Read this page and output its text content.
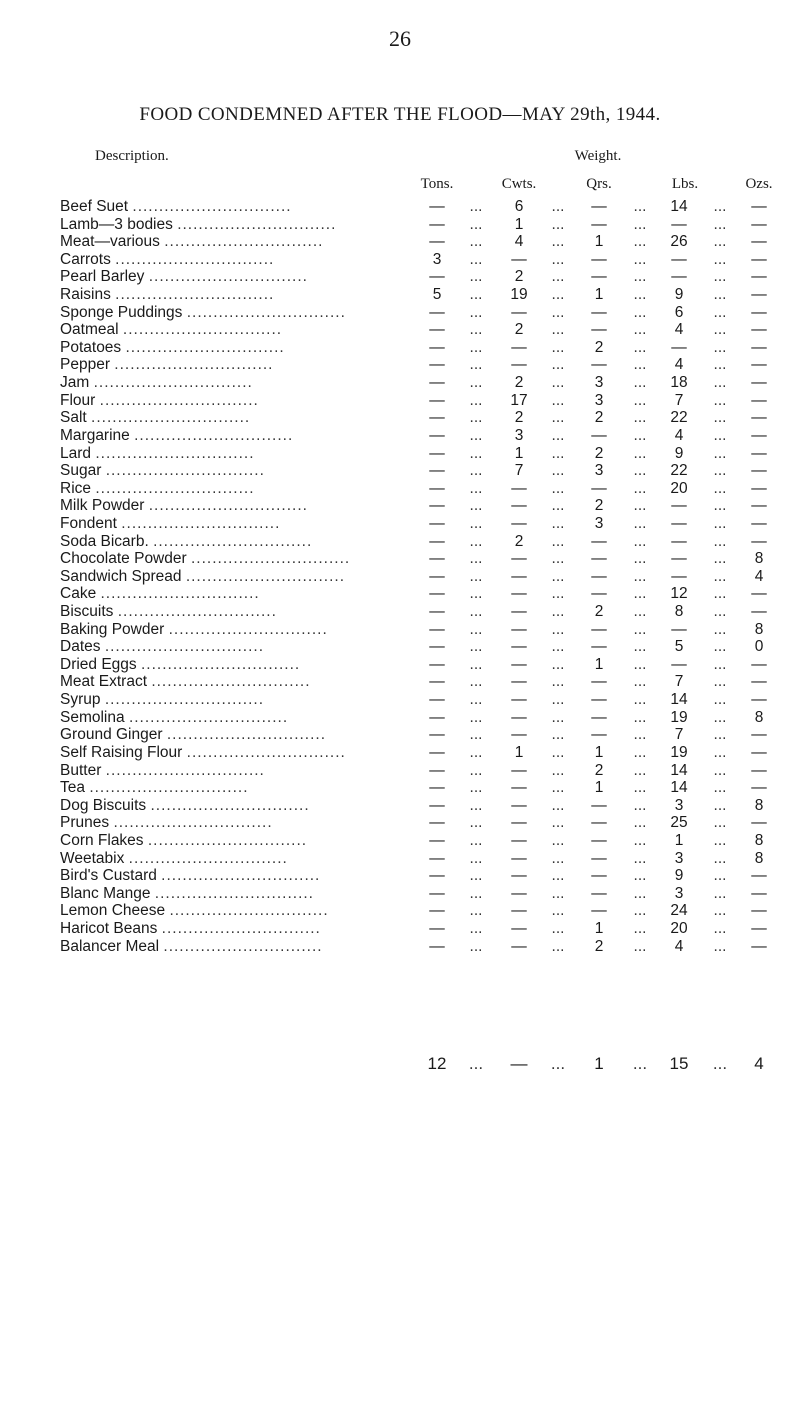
26
FOOD CONDEMNED AFTER THE FLOOD—MAY 29th, 1944.
Description.	Weight.
Tons.	Cwts.	Qrs.	Lbs.	Ozs.
Beef Suet ..............................	—	6	—	14	—
...	...	...	...
Lamb—3 bodies ..............................	—	1	—	—	—
...	...	...	...
Meat—various ..............................	—	4	1	26	—
...	...	...	...
Carrots ..............................	3	—	—	—	—
...	...	...	...
Pearl Barley ..............................	—	2	—	—	—
...	...	...	...
Raisins ..............................	5	19	1	9	—
...	...	...	...
Sponge Puddings ..............................	—	—	—	6	—
...	...	...	...
Oatmeal ..............................	—	2	—	4	—
...	...	...	...
Potatoes ..............................	—	—	2	—	—
...	...	...	...
Pepper ..............................	—	—	—	4	—
...	...	...	...
Jam ..............................	—	2	3	18	—
...	...	...	...
Flour ..............................	—	17	3	7	—
...	...	...	...
Salt ..............................	—	2	2	22	—
...	...	...	...
Margarine ..............................	—	3	—	4	—
...	...	...	...
Lard ..............................	—	1	2	9	—
...	...	...	...
Sugar ..............................	—	7	3	22	—
...	...	...	...
Rice ..............................	—	—	—	20	—
...	...	...	...
Milk Powder ..............................	—	—	2	—	—
...	...	...	...
Fondent ..............................	—	—	3	—	—
...	...	...	...
Soda Bicarb. ..............................	—	2	—	—	—
...	...	...	...
Chocolate Powder ..............................	—	—	—	—	8
...	...	...	...
Sandwich Spread ..............................	—	—	—	—	4
...	...	...	...
Cake ..............................	—	—	—	12	—
...	...	...	...
Biscuits ..............................	—	—	2	8	—
...	...	...	...
Baking Powder ..............................	—	—	—	—	8
...	...	...	...
Dates ..............................	—	—	—	5	0
...	...	...	...
Dried Eggs ..............................	—	—	1	—	—
...	...	...	...
Meat Extract ..............................	—	—	—	7	—
...	...	...	...
Syrup ..............................	—	—	—	14	—
...	...	...	...
Semolina ..............................	—	—	—	19	8
...	...	...	...
Ground Ginger ..............................	—	—	—	7	—
...	...	...	...
Self Raising Flour ..............................	—	1	1	19	—
...	...	...	...
Butter ..............................	—	—	2	14	—
...	...	...	...
Tea ..............................	—	—	1	14	—
...	...	...	...
Dog Biscuits ..............................	—	—	—	3	8
...	...	...	...
Prunes ..............................	—	—	—	25	—
...	...	...	...
Corn Flakes ..............................	—	—	—	1	8
...	...	...	...
Weetabix ..............................	—	—	—	3	8
...	...	...	...
Bird's Custard ..............................	—	—	—	9	—
...	...	...	...
Blanc Mange ..............................	—	—	—	3	—
...	...	...	...
Lemon Cheese ..............................	—	—	—	24	—
...	...	...	...
Haricot Beans ..............................	—	—	1	20	—
...	...	...	...
Balancer Meal ..............................	—	—	2	4	—
...	...	...	...
12	—	1	15	4
...	...	...	...
